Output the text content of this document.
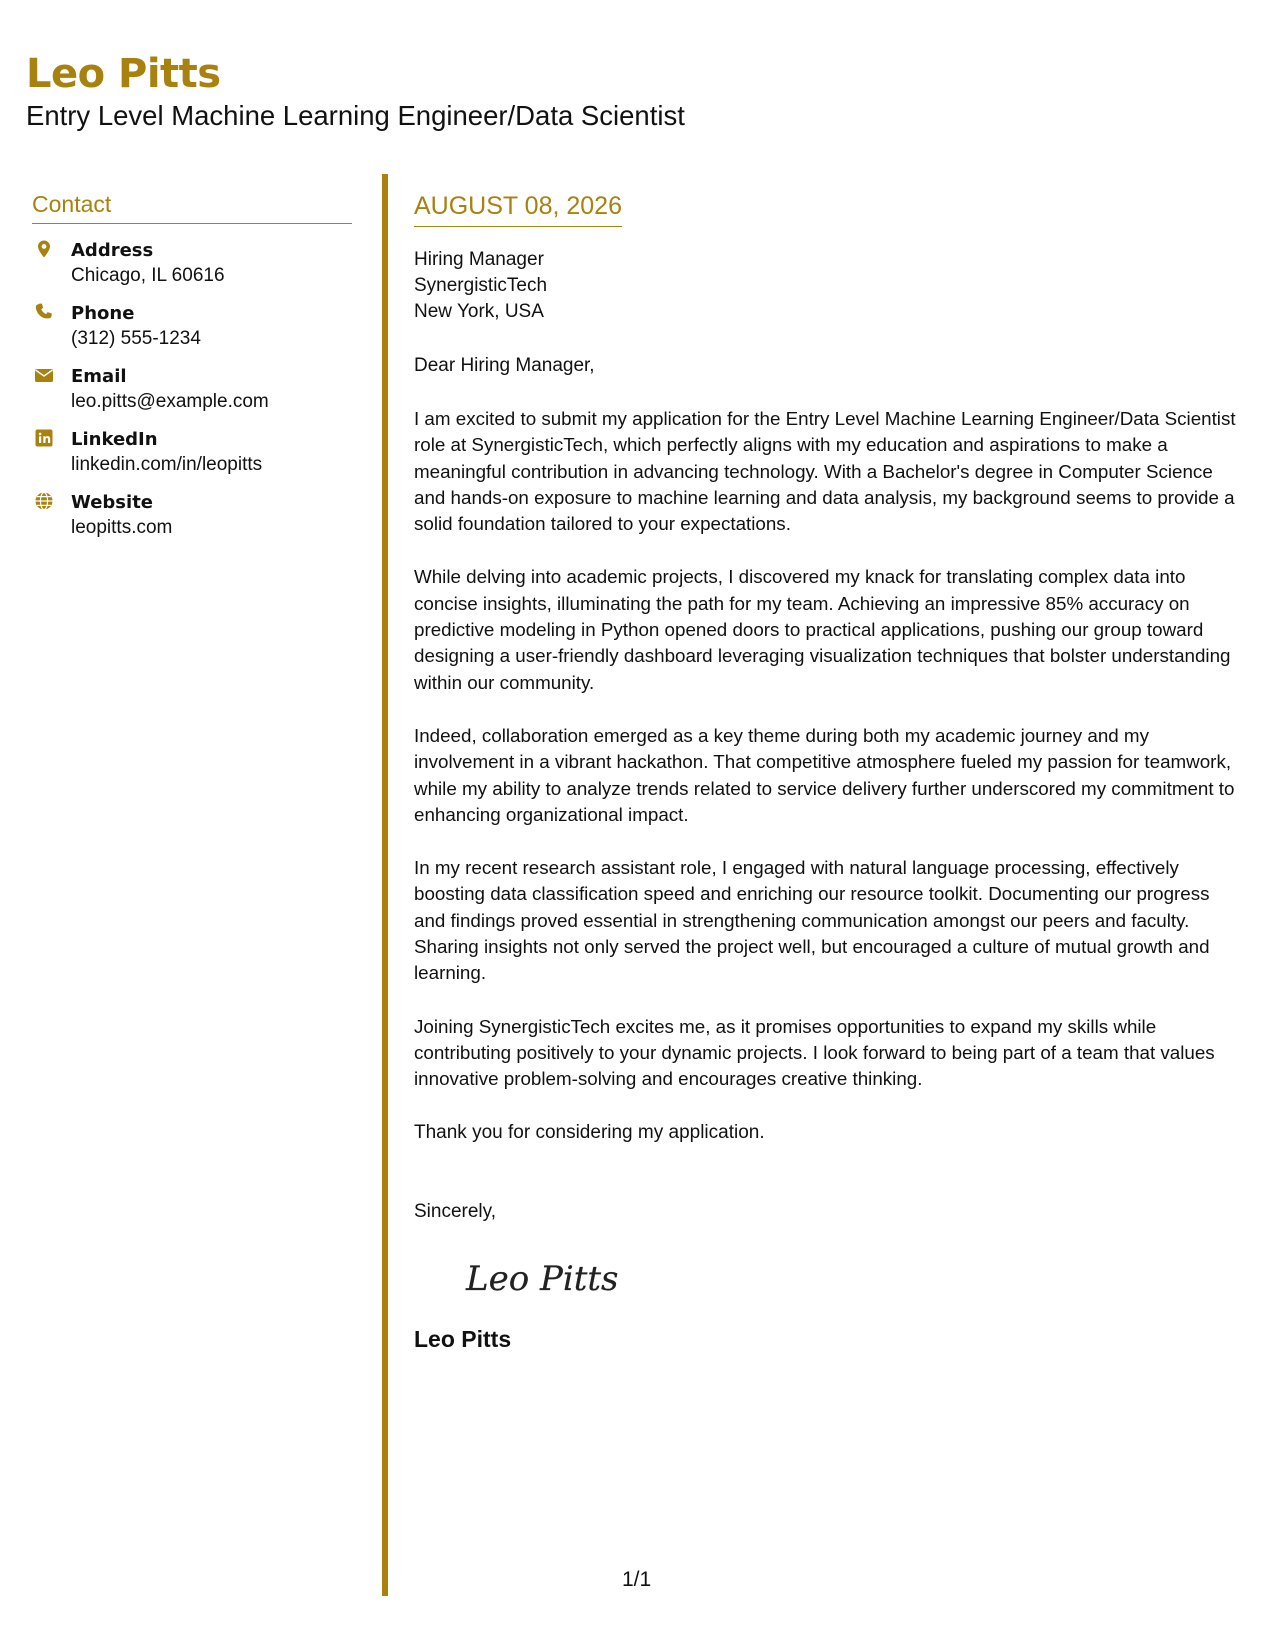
Leo Pitts
Entry Level Machine Learning Engineer/Data Scientist
Contact
Address
Chicago, IL 60616
Phone
(312) 555-1234
Email
leo.pitts@example.com
LinkedIn
linkedin.com/in/leopitts
Website
leopitts.com
AUGUST 08, 2026
Hiring Manager
SynergisticTech
New York, USA
Dear Hiring Manager,

I am excited to submit my application for the Entry Level Machine Learning Engineer/Data Scientist role at SynergisticTech, which perfectly aligns with my education and aspirations to make a meaningful contribution in advancing technology. With a Bachelor's degree in Computer Science and hands-on exposure to machine learning and data analysis, my background seems to provide a solid foundation tailored to your expectations.

While delving into academic projects, I discovered my knack for translating complex data into concise insights, illuminating the path for my team. Achieving an impressive 85% accuracy on predictive modeling in Python opened doors to practical applications, pushing our group toward designing a user-friendly dashboard leveraging visualization techniques that bolster understanding within our community.

Indeed, collaboration emerged as a key theme during both my academic journey and my involvement in a vibrant hackathon. That competitive atmosphere fueled my passion for teamwork, while my ability to analyze trends related to service delivery further underscored my commitment to enhancing organizational impact.

In my recent research assistant role, I engaged with natural language processing, effectively boosting data classification speed and enriching our resource toolkit. Documenting our progress and findings proved essential in strengthening communication amongst our peers and faculty. Sharing insights not only served the project well, but encouraged a culture of mutual growth and learning.

Joining SynergisticTech excites me, as it promises opportunities to expand my skills while contributing positively to your dynamic projects. I look forward to being part of a team that values innovative problem-solving and encourages creative thinking.

Thank you for considering my application.
Sincerely,
Leo Pitts
Leo Pitts
1/1
